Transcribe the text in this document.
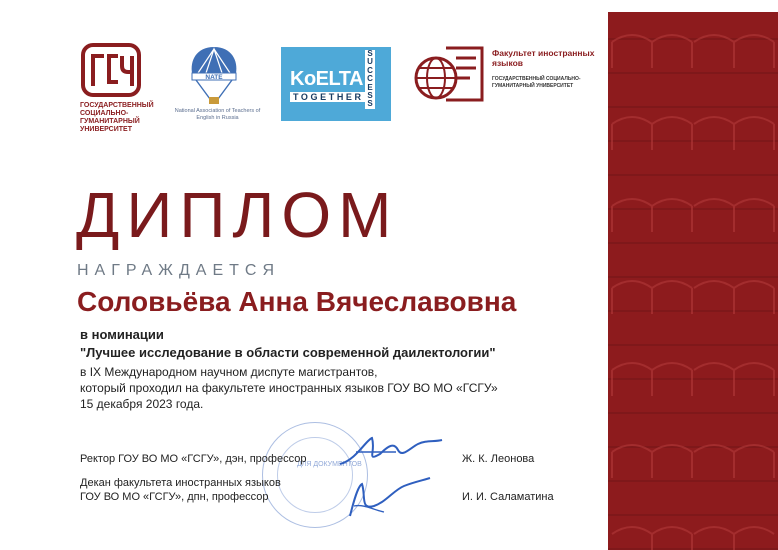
ГОСУДАРСТВЕННЫЙ СОЦИАЛЬНО-ГУМАНИТАРНЫЙ УНИВЕРСИТЕТ
NATE
National Association of Teachers of English in Russia
KoELTA
TOGETHER
SUCCESS
Факультет иностранных языков
ГОСУДАРСТВЕННЫЙ СОЦИАЛЬНО-ГУМАНИТАРНЫЙ УНИВЕРСИТЕТ
ДИПЛОМ
НАГРАЖДАЕТСЯ
Соловьёва Анна Вячеславовна
в номинации
"Лучшее исследование в области современной даилектологии"
в IX Международном научном диспуте магистрантов,
который проходил на факультете иностранных языков ГОУ ВО МО «ГСГУ»
15 декабря 2023 года.
ДЛЯ ДОКУМЕНТОВ
Ректор ГОУ ВО МО «ГСГУ», дэн, профессор	Ж. К. Леонова
Декан факультета иностранных языков
ГОУ ВО МО «ГСГУ», дпн, профессор	И. И. Саламатина
